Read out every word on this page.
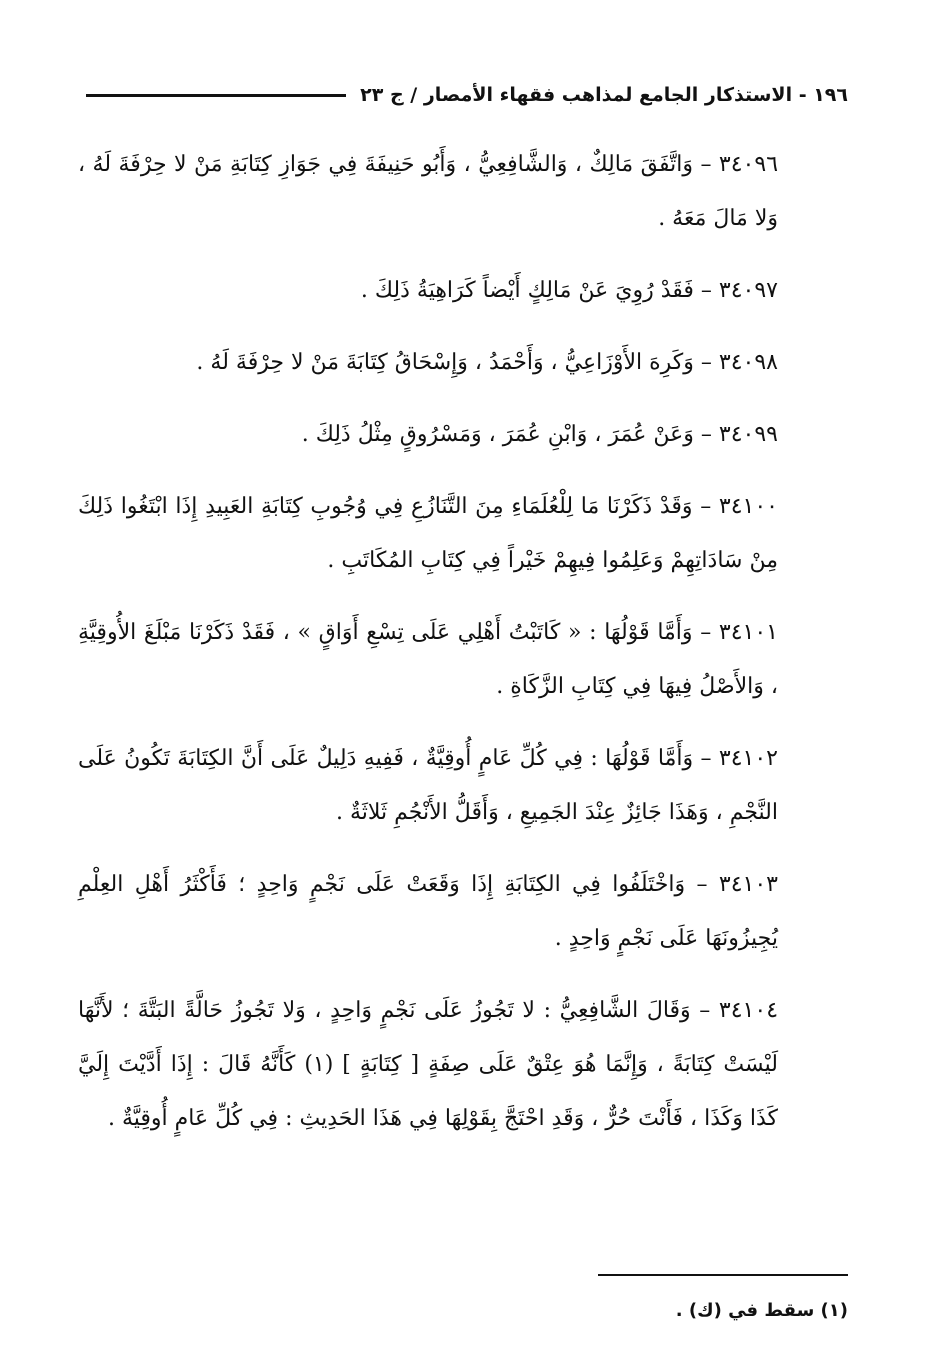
١٩٦ - الاستذكار الجامع لمذاهب فقهاء الأمصار / ج ٢٣

٣٤٠٩٦ – وَاتَّفَقَ مَالِكٌ ، وَالشَّافِعِيُّ ، وَأَبُو حَنِيفَةَ فِي جَوَازِ كِتَابَةِ مَنْ لا حِرْفَةَ لَهُ ، وَلا مَالَ مَعَهُ .

٣٤٠٩٧ – فَقَدْ رُوِيَ عَنْ مَالِكٍ أَيْضاً كَرَاهِيَةُ ذَلِكَ .

٣٤٠٩٨ – وَكَرِهَ الأَوْزَاعِيُّ ، وَأَحْمَدُ ، وَإِسْحَاقُ كِتَابَةَ مَنْ لا حِرْفَةَ لَهُ .

٣٤٠٩٩ – وَعَنْ عُمَرَ ، وَابْنِ عُمَرَ ، وَمَسْرُوقٍ مِثْلُ ذَلِكَ .

٣٤١٠٠ – وَقَدْ ذَكَرْنَا مَا لِلْعُلَمَاءِ مِنَ التَّنَازُعِ فِي وُجُوبِ كِتَابَةِ العَبِيدِ إِذَا ابْتَغُوا ذَلِكَ مِنْ سَادَاتِهِمْ وَعَلِمُوا فِيهِمْ خَيْراً فِي كِتَابِ المُكَاتَبِ .

٣٤١٠١ – وَأَمَّا قَوْلُهَا : « كَاتَبْتُ أَهْلِي عَلَى تِسْعِ أَوَاقٍ » ، فَقَدْ ذَكَرْنَا مَبْلَغَ الأُوقِيَّةِ ، وَالأَصْلُ فِيهَا فِي كِتَابِ الزَّكَاةِ .

٣٤١٠٢ – وَأَمَّا قَوْلُهَا : فِي كُلِّ عَامٍ أُوقِيَّةٌ ، فَفِيهِ دَلِيلٌ عَلَى أَنَّ الكِتَابَةَ تَكُونُ عَلَى النَّجْمِ ، وَهَذَا جَائِزٌ عِنْدَ الجَمِيعِ ، وَأَقَلُّ الأَنْجُمِ ثَلاثَةٌ .

٣٤١٠٣ – وَاخْتَلَفُوا فِي الكِتَابَةِ إِذَا وَقَعَتْ عَلَى نَجْمٍ وَاحِدٍ ؛ فَأَكْثَرُ أَهْلِ العِلْمِ يُجِيزُونَهَا عَلَى نَجْمٍ وَاحِدٍ .

٣٤١٠٤ – وَقَالَ الشَّافِعِيُّ : لا تَجُوزُ عَلَى نَجْمٍ وَاحِدٍ ، وَلا تَجُوزُ حَالَّةً البَتَّةَ ؛ لأَنَّهَا لَيْسَتْ كِتَابَةً ، وَإِنَّمَا هُوَ عِتْقٌ عَلَى صِفَةٍ [ كِتَابَةٍ ] (١) كَأَنَّهُ قَالَ : إِذَا أَدَّيْتَ إِلَيَّ كَذَا وَكَذَا ، فَأَنْتَ حُرٌّ ، وَقَدِ احْتَجَّ بِقَوْلِهَا فِي هَذَا الحَدِيثِ : فِي كُلِّ عَامٍ أُوقِيَّةٌ .

(١) سقط في (ك) .
